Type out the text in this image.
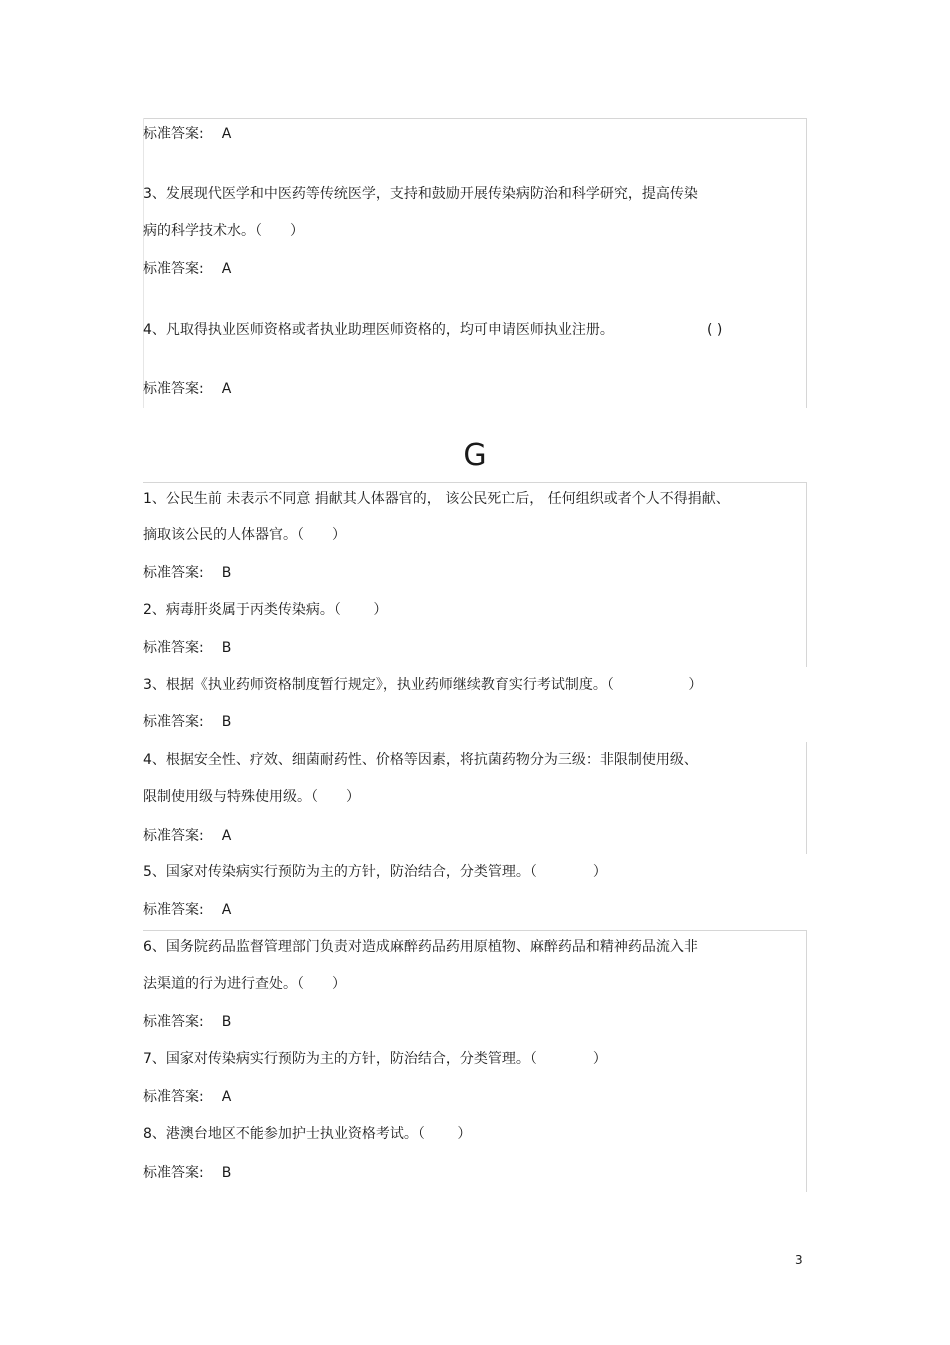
标准答案: A
3、发展现代医学和中医药等传统医学，支持和鼓励开展传染病防治和科学研究，提高传染
病的科学技术水。（　　）
标准答案: A
4、凡取得执业医师资格或者执业助理医师资格的，均可申请医师执业注册。	( )
标准答案: A
G
1、公民生前 未表示不同意 捐献其人体器官的， 该公民死亡后， 任何组织或者个人不得捐献、
摘取该公民的人体器官。（　　）
标准答案: B
2、病毒肝炎属于丙类传染病。（　　 ）
标准答案: B
3、根据《执业药师资格制度暂行规定》，执业药师继续教育实行考试制度。（　　　　　 ）
标准答案: B
4、根据安全性、疗效、细菌耐药性、价格等因素，将抗菌药物分为三级：非限制使用级、
限制使用级与特殊使用级。（　　）
标准答案: A
5、国家对传染病实行预防为主的方针，防治结合，分类管理。（　　　　）
标准答案: A
6、国务院药品监督管理部门负责对造成麻醉药品药用原植物、麻醉药品和精神药品流入非
法渠道的行为进行查处。（　　）
标准答案: B
7、国家对传染病实行预防为主的方针，防治结合，分类管理。（　　　　）
标准答案: A
8、港澳台地区不能参加护士执业资格考试。（　　 ）
标准答案: B
3
